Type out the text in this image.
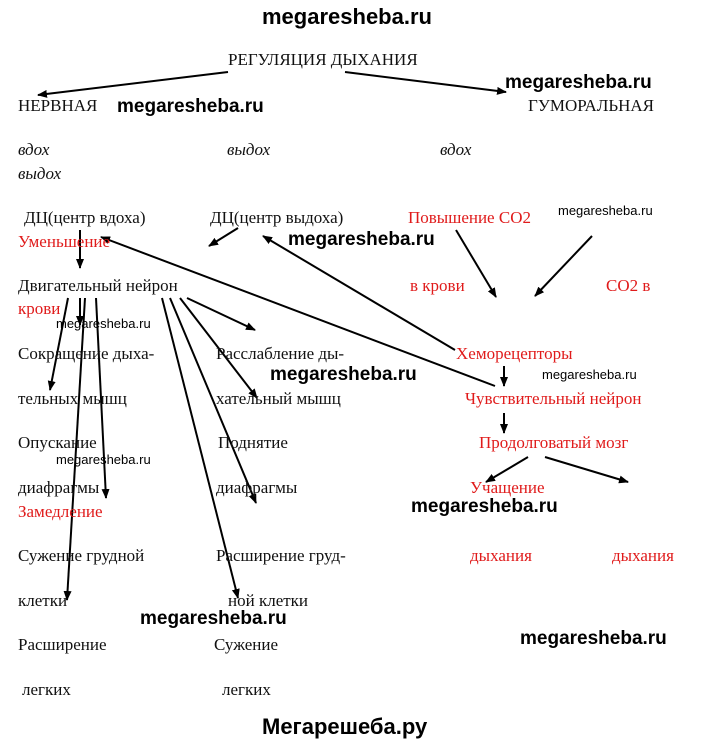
megaresheba.ru
megaresheba.ru
megaresheba.ru
megaresheba.ru
megaresheba.ru
megaresheba.ru
megaresheba.ru	megaresheba.ru
megaresheba.ru
megaresheba.ru
megaresheba.ru
megaresheba.ru
Мегарешеба.ру
РЕГУЛЯЦИЯ ДЫХАНИЯ
НЕРВНАЯ	ГУМОРАЛЬНАЯ
вдох	выдох	вдох
выдох
ДЦ(центр вдоха)	ДЦ(центр выдоха)	Повышение СО2
Уменьшение
Двигательный нейрон	в крови	СО2 в
крови
Сокращение дыха-	Расслабление ды-	Хеморецепторы
тельных мышц	хательный мышц	Чувствительный нейрон
Опускание	Поднятие	Продолговатый мозг
диафрагмы	диафрагмы	Учащение
Замедление
Сужение грудной	Расширение груд-	дыхания	дыхания
клетки	ной клетки
Расширение	Сужение
легких	легких
